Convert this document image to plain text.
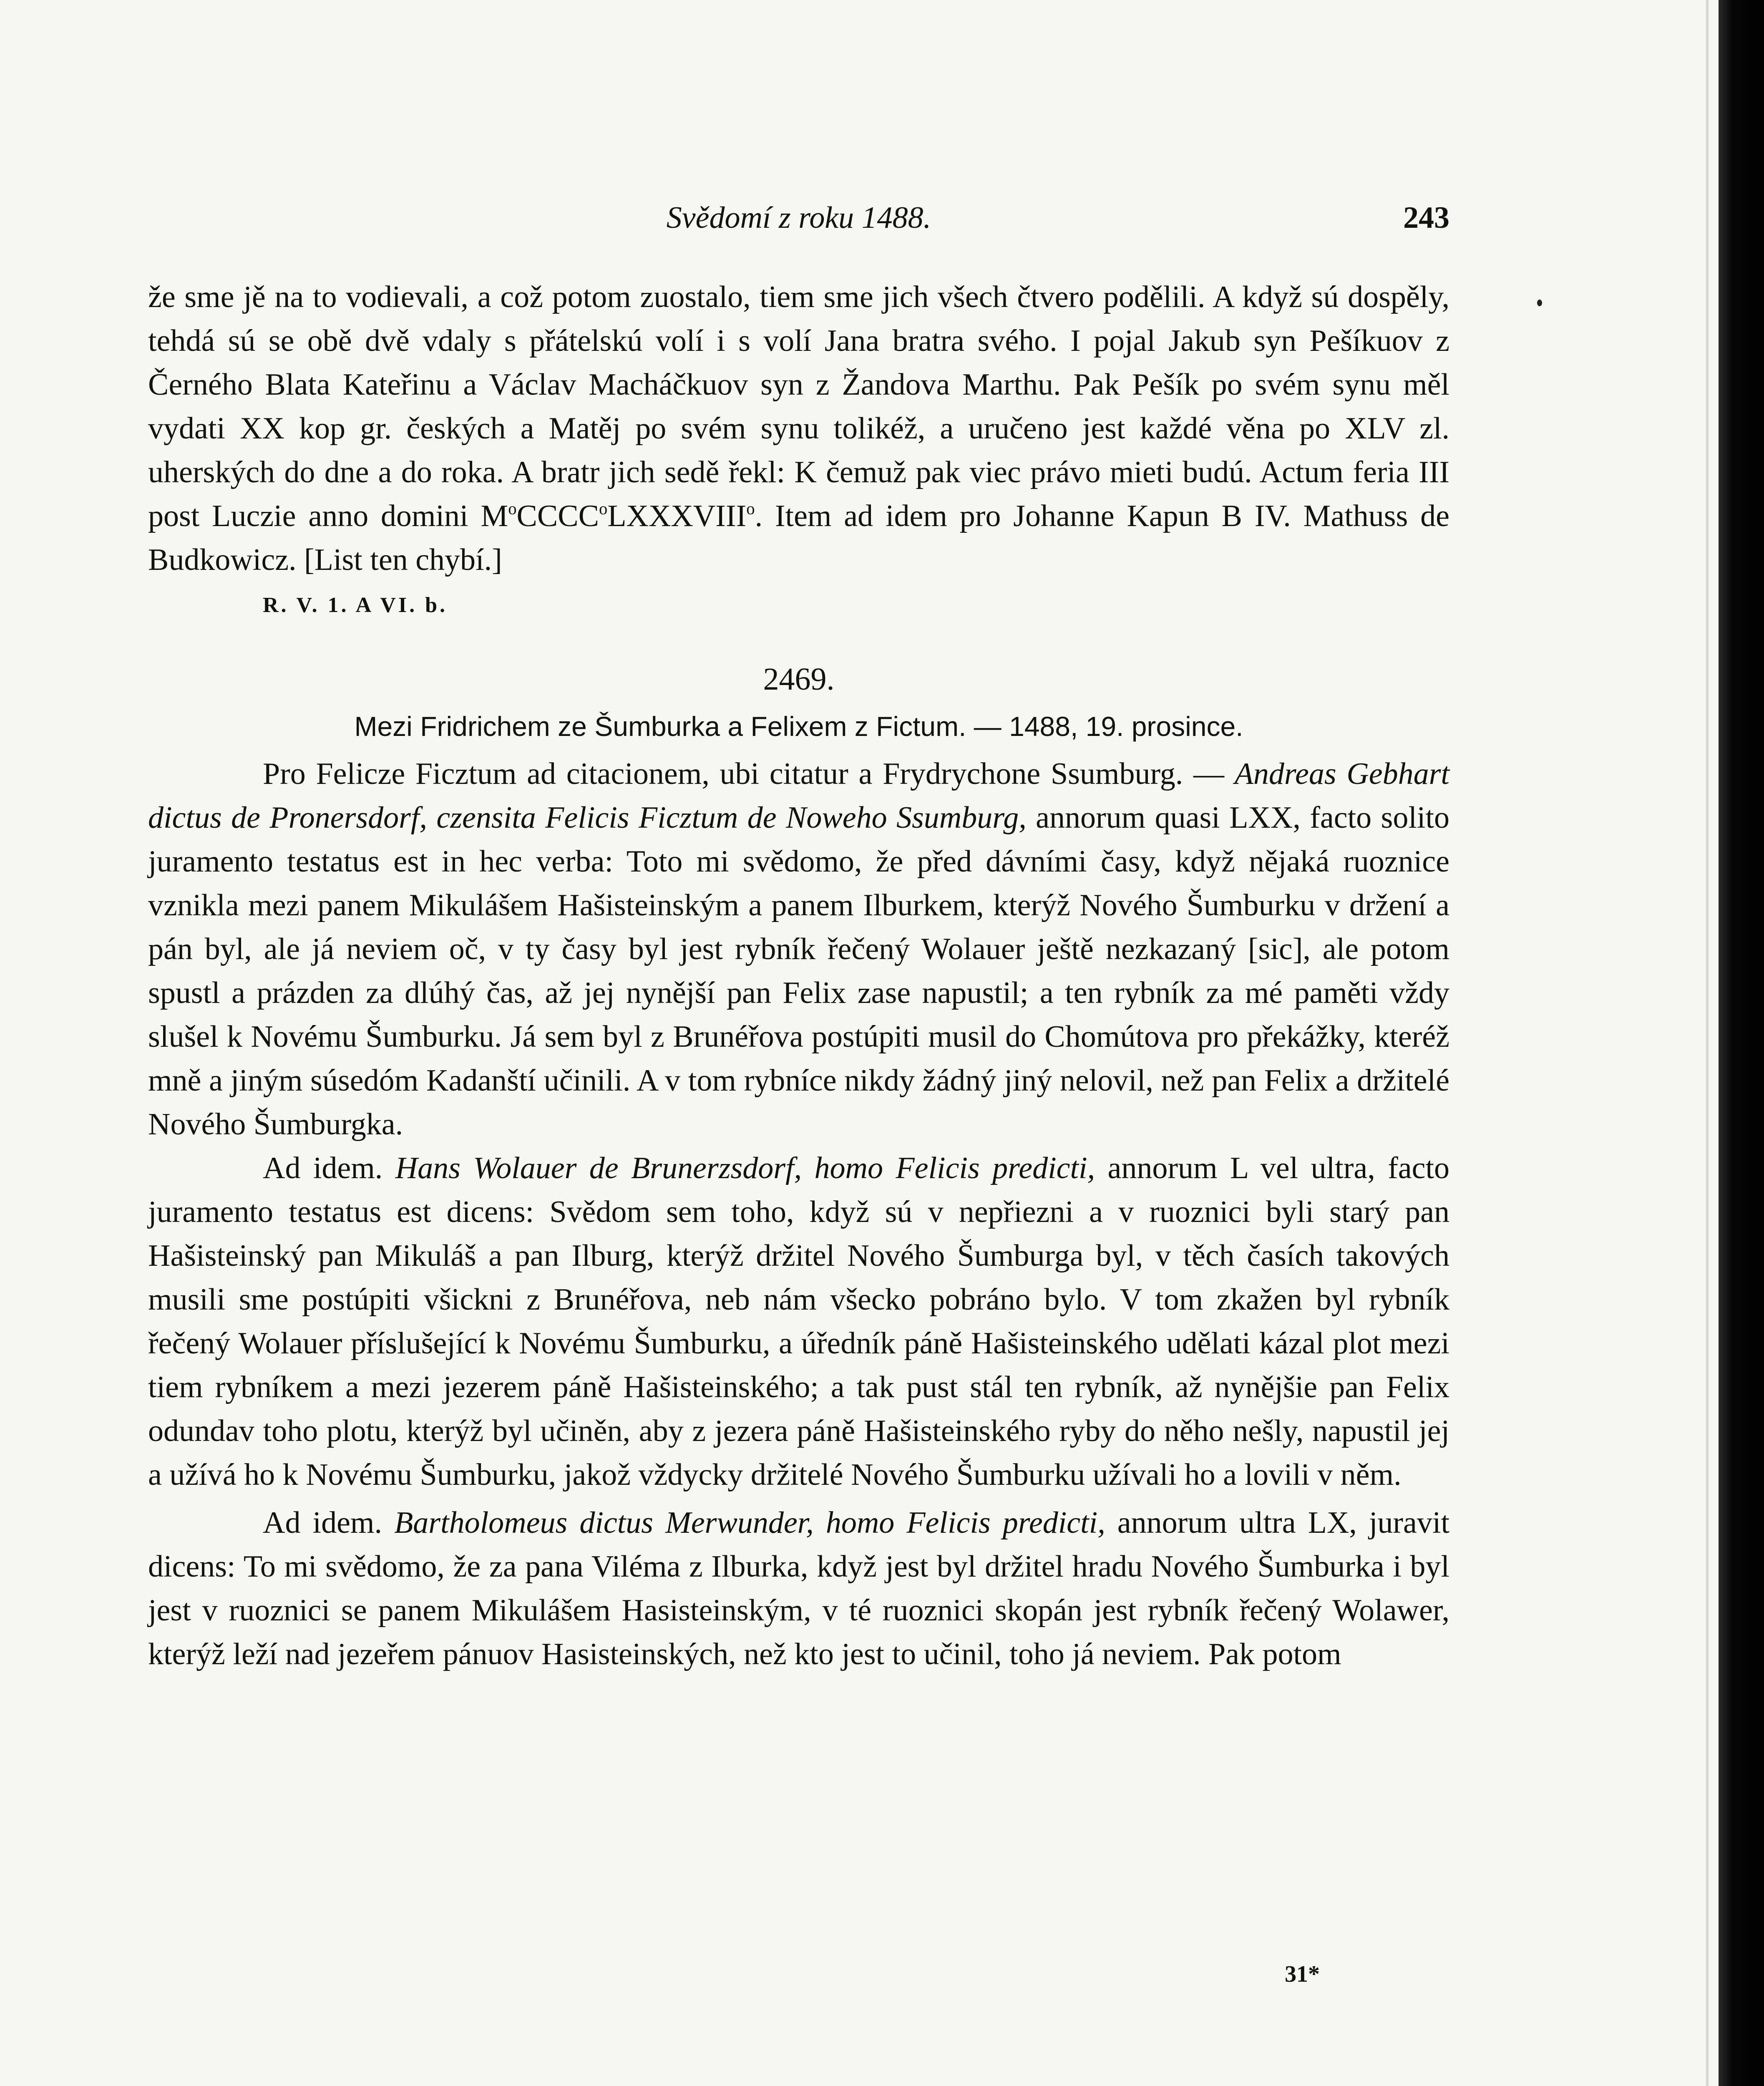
Svědomí z roku 1488.	243

že sme jě na to vodievali, a což potom zuostalo, tiem sme jich všech čtvero podělili. A když sú dospěly, tehdá sú se obě dvě vdaly s přátelskú volí i s volí Jana bratra svého. I pojal Jakub syn Pešíkuov z Černého Blata Kateřinu a Václav Macháčkuov syn z Žandova Marthu. Pak Pešík po svém synu měl vydati XX kop gr. českých a Matěj po svém synu tolikéž, a uručeno jest každé věna po XLV zl. uherských do dne a do roka. A bratr jich sedě řekl: K čemuž pak viec právo mieti budú. Actum feria III post Luczie anno domini $M^oCCCC^oLXXXVIII^o$. Item ad idem pro Johanne Kapun B IV. Mathuss de Budkowicz. [List ten chybí.]

R. V. 1. A VI. b.
2469.
Mezi Fridrichem ze Šumburka a Felixem z Fictum. — 1488, 19. prosince.

Pro Felicze Ficztum ad citacionem, ubi citatur a Frydrychone Ssumburg. — Andreas Gebhart dictus de Pronersdorf, czensita Felicis Ficztum de Noweho Ssumburg, annorum quasi LXX, facto solito juramento testatus est in hec verba: Toto mi svědomo, že před dávními časy, když nějaká ruoznice vznikla mezi panem Mikulášem Hašisteinským a panem Ilburkem, kterýž Nového Šumburku v držení a pán byl, ale já neviem oč, v ty časy byl jest rybník řečený Wolauer ještě nezkazaný [sic], ale potom spustl a prázden za dlúhý čas, až jej nynější pan Felix zase napustil; a ten rybník za mé paměti vždy slušel k Novému Šumburku. Já sem byl z Brunéřova postúpiti musil do Chomútova pro překážky, kteréž mně a jiným súsedóm Kadanští učinili. A v tom rybníce nikdy žádný jiný nelovil, než pan Felix a držitelé Nového Šumburgka.

Ad idem. Hans Wolauer de Brunerzsdorf, homo Felicis predicti, annorum L vel ultra, facto juramento testatus est dicens: Svědom sem toho, když sú v nepřiezni a v ruoznici byli starý pan Hašisteinský pan Mikuláš a pan Ilburg, kterýž držitel Nového Šumburga byl, v těch časích takových musili sme postúpiti všickni z Brunéřova, neb nám všecko pobráno bylo. V tom zkažen byl rybník řečený Wolauer příslušející k Novému Šumburku, a úředník páně Hašisteinského udělati kázal plot mezi tiem rybníkem a mezi jezerem páně Hašisteinského; a tak pust stál ten rybník, až nynějšie pan Felix odundav toho plotu, kterýž byl učiněn, aby z jezera páně Hašisteinského ryby do něho nešly, napustil jej a užívá ho k Novému Šumburku, jakož vždycky držitelé Nového Šumburku užívali ho a lovili v něm.

Ad idem. Bartholomeus dictus Merwunder, homo Felicis predicti, annorum ultra LX, juravit dicens: To mi svědomo, že za pana Viléma z Ilburka, když jest byl držitel hradu Nového Šumburka i byl jest v ruoznici se panem Mikulášem Hasisteinským, v té ruoznici skopán jest rybník řečený Wolawer, kterýž leží nad jezeřem pánuov Hasisteinských, než kto jest to učinil, toho já neviem. Pak potom

31*
